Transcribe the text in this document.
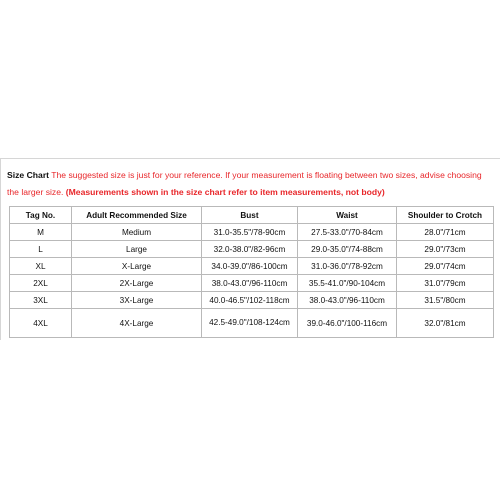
Size Chart The suggested size is just for your reference. If your measurement is floating between two sizes, advise choosing the larger size. (Measurements shown in the size chart refer to item measurements, not body)
Tag No.	Adult Recommended Size	Bust	Waist	Shoulder to Crotch
M	Medium	31.0-35.5"/78-90cm	27.5-33.0"/70-84cm	28.0"/71cm
L	Large	32.0-38.0"/82-96cm	29.0-35.0"/74-88cm	29.0"/73cm
XL	X-Large	34.0-39.0"/86-100cm	31.0-36.0"/78-92cm	29.0"/74cm
2XL	2X-Large	38.0-43.0"/96-110cm	35.5-41.0"/90-104cm	31.0"/79cm
3XL	3X-Large	40.0-46.5"/102-118cm	38.0-43.0"/96-110cm	31.5"/80cm
4XL	4X-Large	42.5-49.0"/108-124cm	39.0-46.0"/100-116cm	32.0"/81cm
